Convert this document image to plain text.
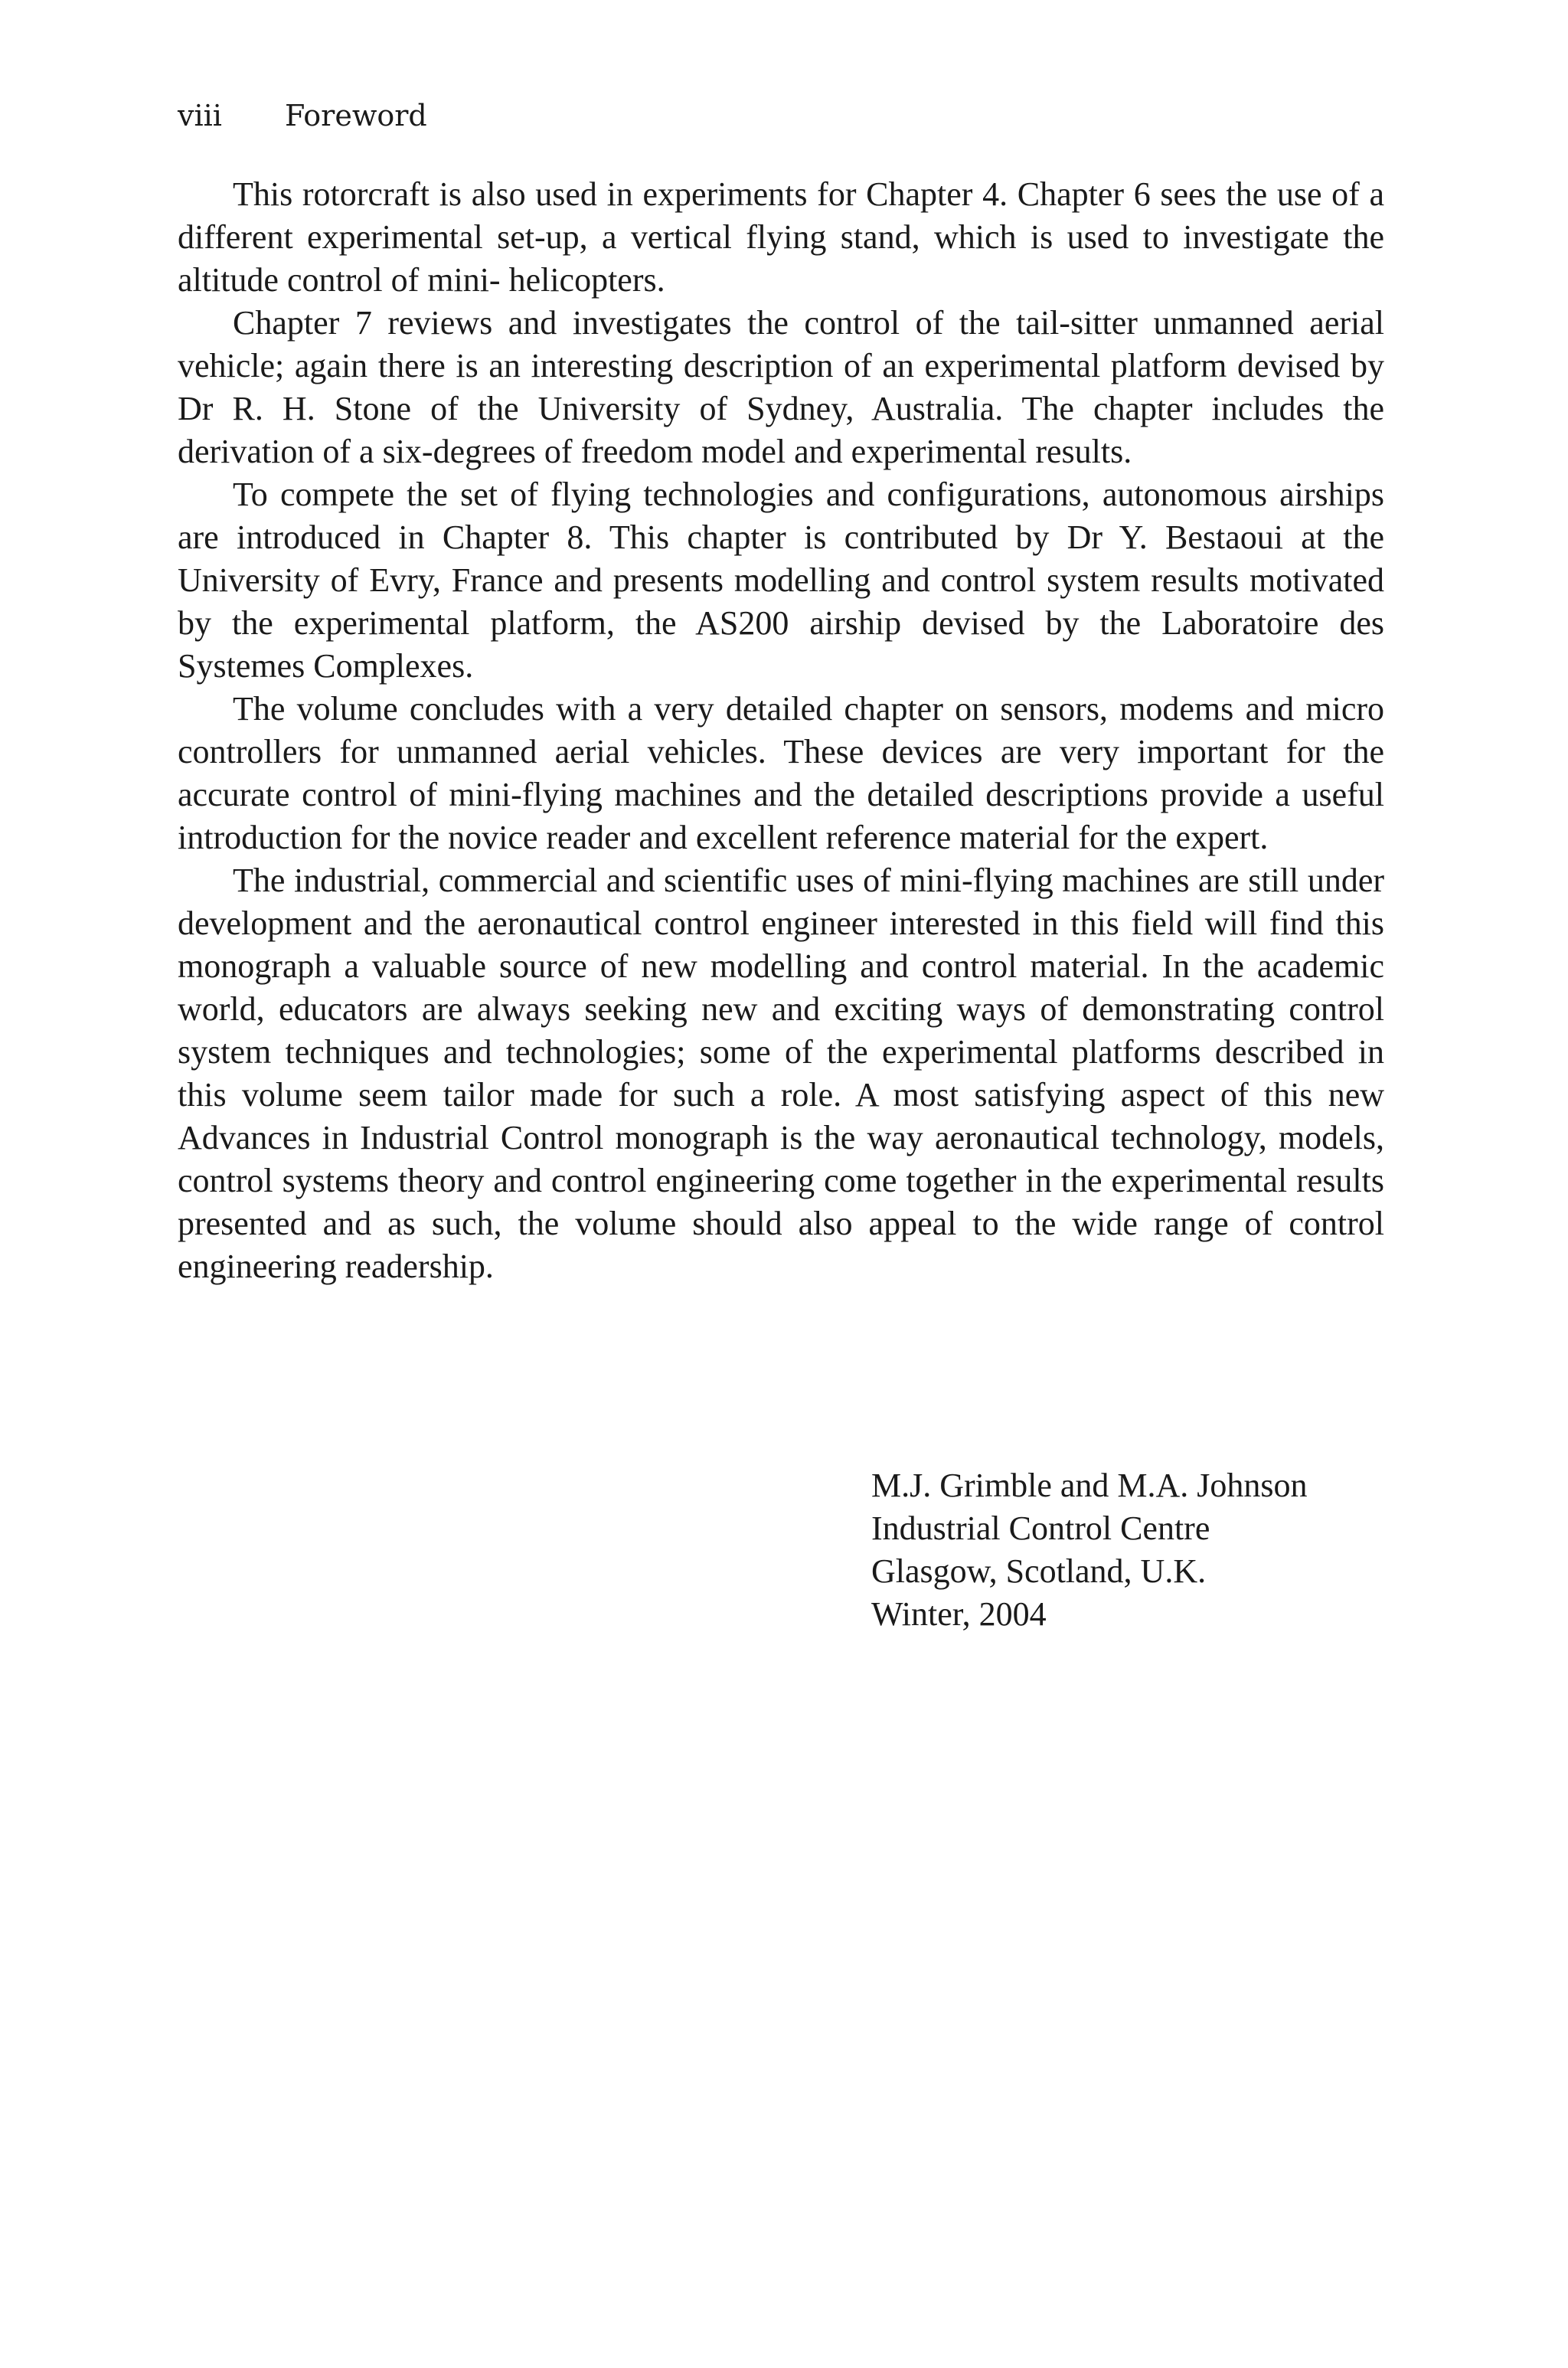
viii Foreword

This rotorcraft is also used in experiments for Chapter 4. Chapter 6 sees the use of a different experimental set-up, a vertical flying stand, which is used to investigate the altitude control of mini- helicopters.

Chapter 7 reviews and investigates the control of the tail-sitter unmanned aerial vehicle; again there is an interesting description of an experimental platform devised by Dr R. H. Stone of the University of Sydney, Australia. The chapter includes the derivation of a six-degrees of freedom model and experimental results.

To compete the set of flying technologies and configurations, autonomous airships are introduced in Chapter 8. This chapter is contributed by Dr Y. Bestaoui at the University of Evry, France and presents modelling and control system results motivated by the experimental platform, the AS200 airship devised by the Laboratoire des Systemes Complexes.

The volume concludes with a very detailed chapter on sensors, modems and micro controllers for unmanned aerial vehicles. These devices are very important for the accurate control of mini-flying machines and the detailed descriptions provide a useful introduction for the novice reader and excellent reference material for the expert.

The industrial, commercial and scientific uses of mini-flying machines are still under development and the aeronautical control engineer interested in this field will find this monograph a valuable source of new modelling and control material. In the academic world, educators are always seeking new and exciting ways of demonstrating control system techniques and technologies; some of the experimental platforms described in this volume seem tailor made for such a role. A most satisfying aspect of this new Advances in Industrial Control monograph is the way aeronautical technology, models, control systems theory and control engineering come together in the experimental results presented and as such, the volume should also appeal to the wide range of control engineering readership.

M.J. Grimble and M.A. Johnson
Industrial Control Centre
Glasgow, Scotland, U.K.
Winter, 2004
